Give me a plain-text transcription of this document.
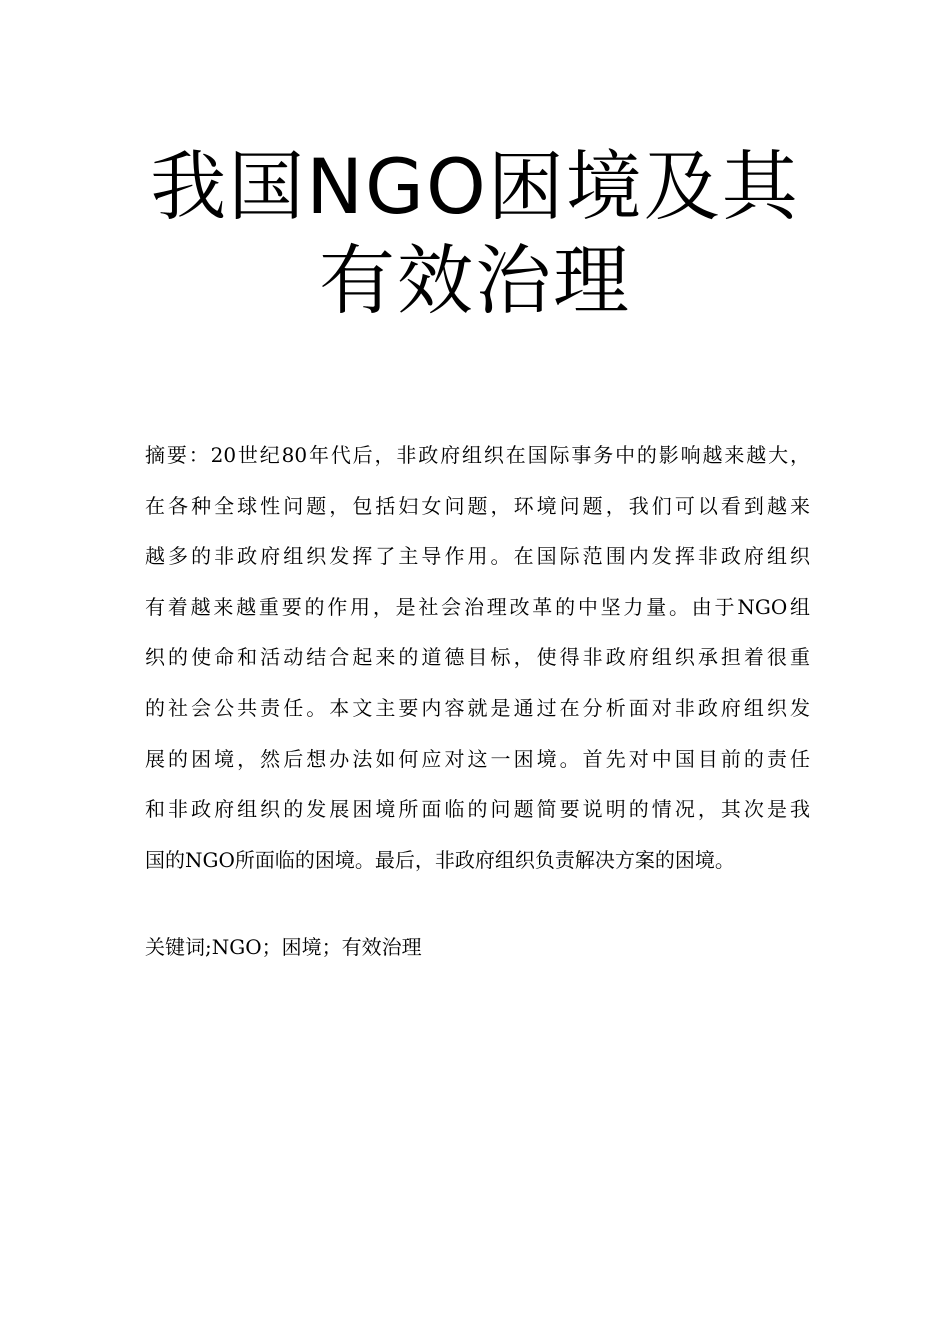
我国NGO困境及其
有效治理
摘要：20世纪80年代后，非政府组织在国际事务中的影响越来越大，
在各种全球性问题，包括妇女问题，环境问题，我们可以看到越来
越多的非政府组织发挥了主导作用。在国际范围内发挥非政府组织
有着越来越重要的作用，是社会治理改革的中坚力量。由于NGO组
织的使命和活动结合起来的道德目标，使得非政府组织承担着很重
的社会公共责任。本文主要内容就是通过在分析面对非政府组织发
展的困境，然后想办法如何应对这一困境。首先对中国目前的责任
和非政府组织的发展困境所面临的问题简要说明的情况，其次是我
国的NGO所面临的困境。最后，非政府组织负责解决方案的困境。

关键词;NGO；困境；有效治理
